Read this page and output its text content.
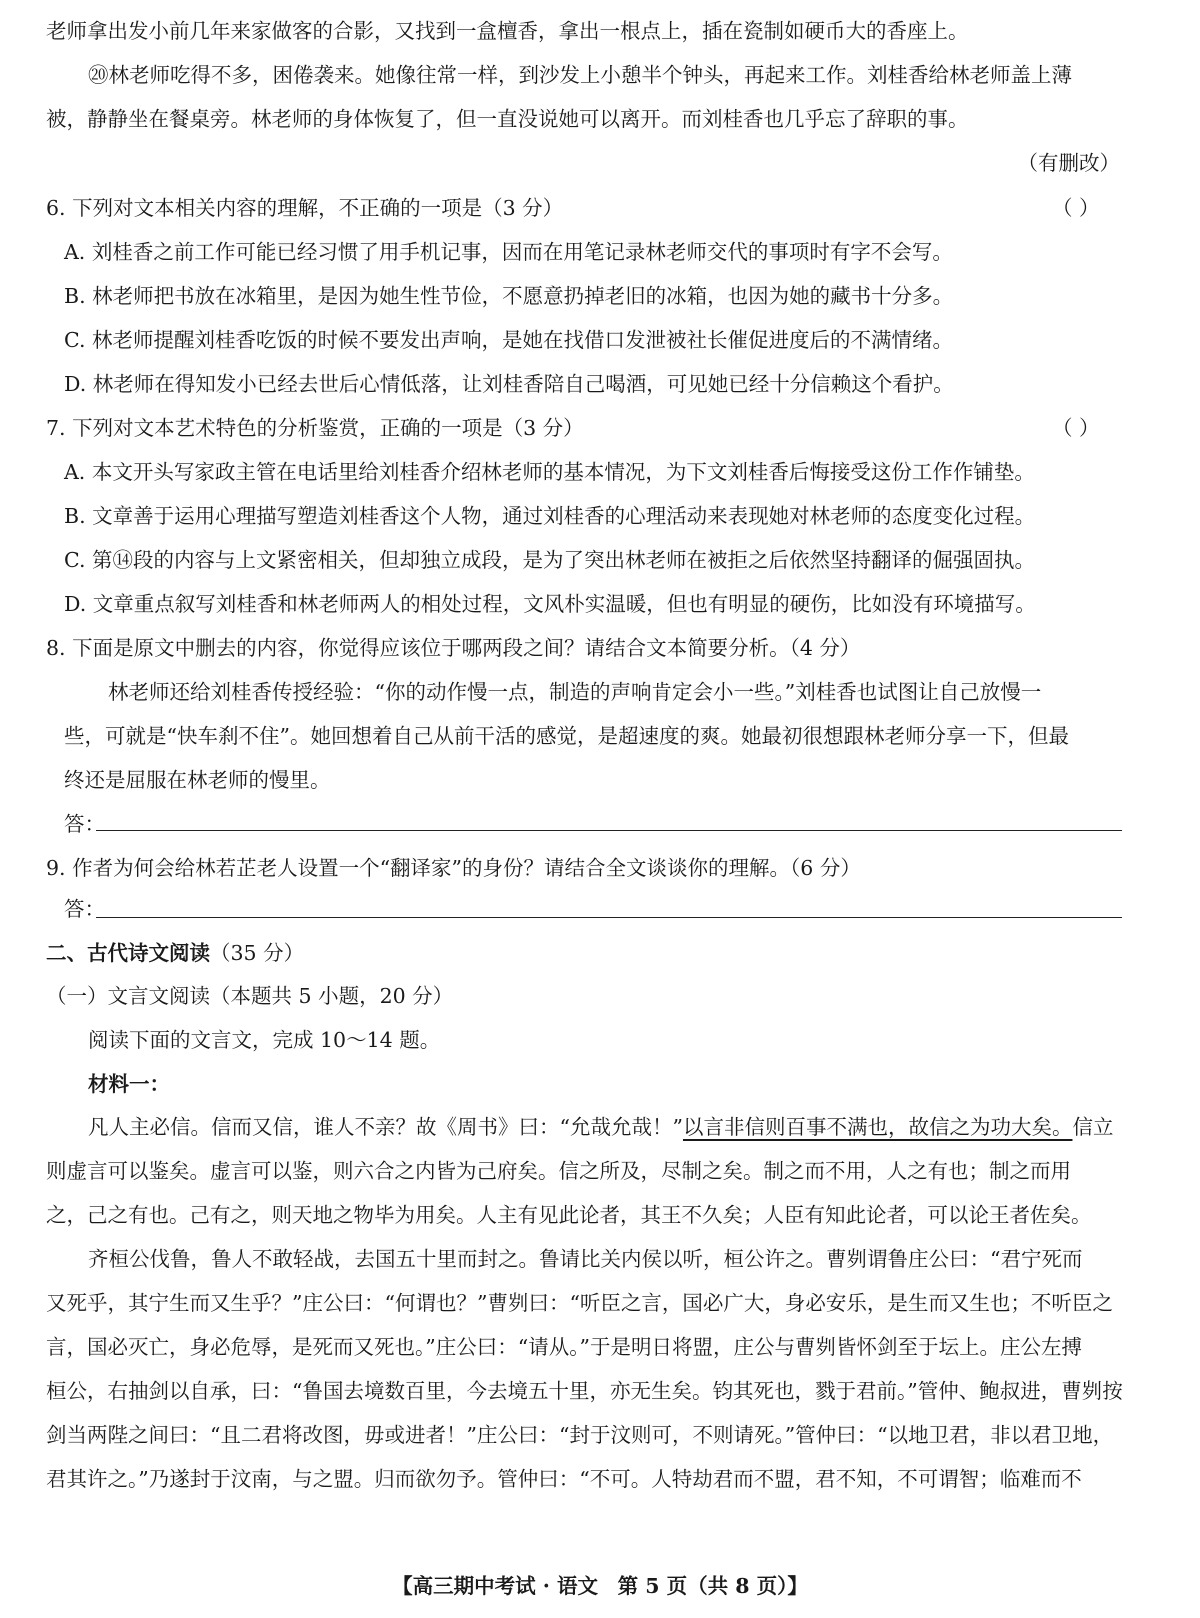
老师拿出发小前几年来家做客的合影，又找到一盒檀香，拿出一根点上，插在瓷制如硬币大的香座上。
⑳林老师吃得不多，困倦袭来。她像往常一样，到沙发上小憩半个钟头，再起来工作。刘桂香给林老师盖上薄
被，静静坐在餐桌旁。林老师的身体恢复了，但一直没说她可以离开。而刘桂香也几乎忘了辞职的事。
（有删改）
6. 下列对文本相关内容的理解，不正确的一项是（3 分）	（ ）
A. 刘桂香之前工作可能已经习惯了用手机记事，因而在用笔记录林老师交代的事项时有字不会写。
B. 林老师把书放在冰箱里，是因为她生性节俭，不愿意扔掉老旧的冰箱，也因为她的藏书十分多。
C. 林老师提醒刘桂香吃饭的时候不要发出声响，是她在找借口发泄被社长催促进度后的不满情绪。
D. 林老师在得知发小已经去世后心情低落，让刘桂香陪自己喝酒，可见她已经十分信赖这个看护。
7. 下列对文本艺术特色的分析鉴赏，正确的一项是（3 分）	（ ）
A. 本文开头写家政主管在电话里给刘桂香介绍林老师的基本情况，为下文刘桂香后悔接受这份工作作铺垫。
B. 文章善于运用心理描写塑造刘桂香这个人物，通过刘桂香的心理活动来表现她对林老师的态度变化过程。
C. 第⑭段的内容与上文紧密相关，但却独立成段，是为了突出林老师在被拒之后依然坚持翻译的倔强固执。
D. 文章重点叙写刘桂香和林老师两人的相处过程，文风朴实温暖，但也有明显的硬伤，比如没有环境描写。
8. 下面是原文中删去的内容，你觉得应该位于哪两段之间？请结合文本简要分析。（4 分）
林老师还给刘桂香传授经验：“你的动作慢一点，制造的声响肯定会小一些。”刘桂香也试图让自己放慢一
些，可就是“快车刹不住”。她回想着自己从前干活的感觉，是超速度的爽。她最初很想跟林老师分享一下，但最
终还是屈服在林老师的慢里。
答：
9. 作者为何会给林若芷老人设置一个“翻译家”的身份？请结合全文谈谈你的理解。（6 分）
答：
二、古代诗文阅读（35 分）
（一）文言文阅读（本题共 5 小题，20 分）
阅读下面的文言文，完成 10～14 题。
材料一：
凡人主必信。信而又信，谁人不亲？故《周书》曰：“允哉允哉！”以言非信则百事不满也，故信之为功大矣。信立
则虚言可以鉴矣。虚言可以鉴，则六合之内皆为己府矣。信之所及，尽制之矣。制之而不用，人之有也；制之而用
之，己之有也。己有之，则天地之物毕为用矣。人主有见此论者，其王不久矣；人臣有知此论者，可以论王者佐矣。
齐桓公伐鲁，鲁人不敢轻战，去国五十里而封之。鲁请比关内侯以听，桓公许之。曹刿谓鲁庄公曰：“君宁死而
又死乎，其宁生而又生乎？”庄公曰：“何谓也？”曹刿曰：“听臣之言，国必广大，身必安乐，是生而又生也；不听臣之
言，国必灭亡，身必危辱，是死而又死也。”庄公曰：“请从。”于是明日将盟，庄公与曹刿皆怀剑至于坛上。庄公左搏
桓公，右抽剑以自承，曰：“鲁国去境数百里，今去境五十里，亦无生矣。钧其死也，戮于君前。”管仲、鲍叔进，曹刿按
剑当两陛之间曰：“且二君将改图，毋或进者！”庄公曰：“封于汶则可，不则请死。”管仲曰：“以地卫君，非以君卫地，
君其许之。”乃遂封于汶南，与之盟。归而欲勿予。管仲曰：“不可。人特劫君而不盟，君不知，不可谓智；临难而不
【高三期中考试 · 语文 第 5 页（共 8 页）】
